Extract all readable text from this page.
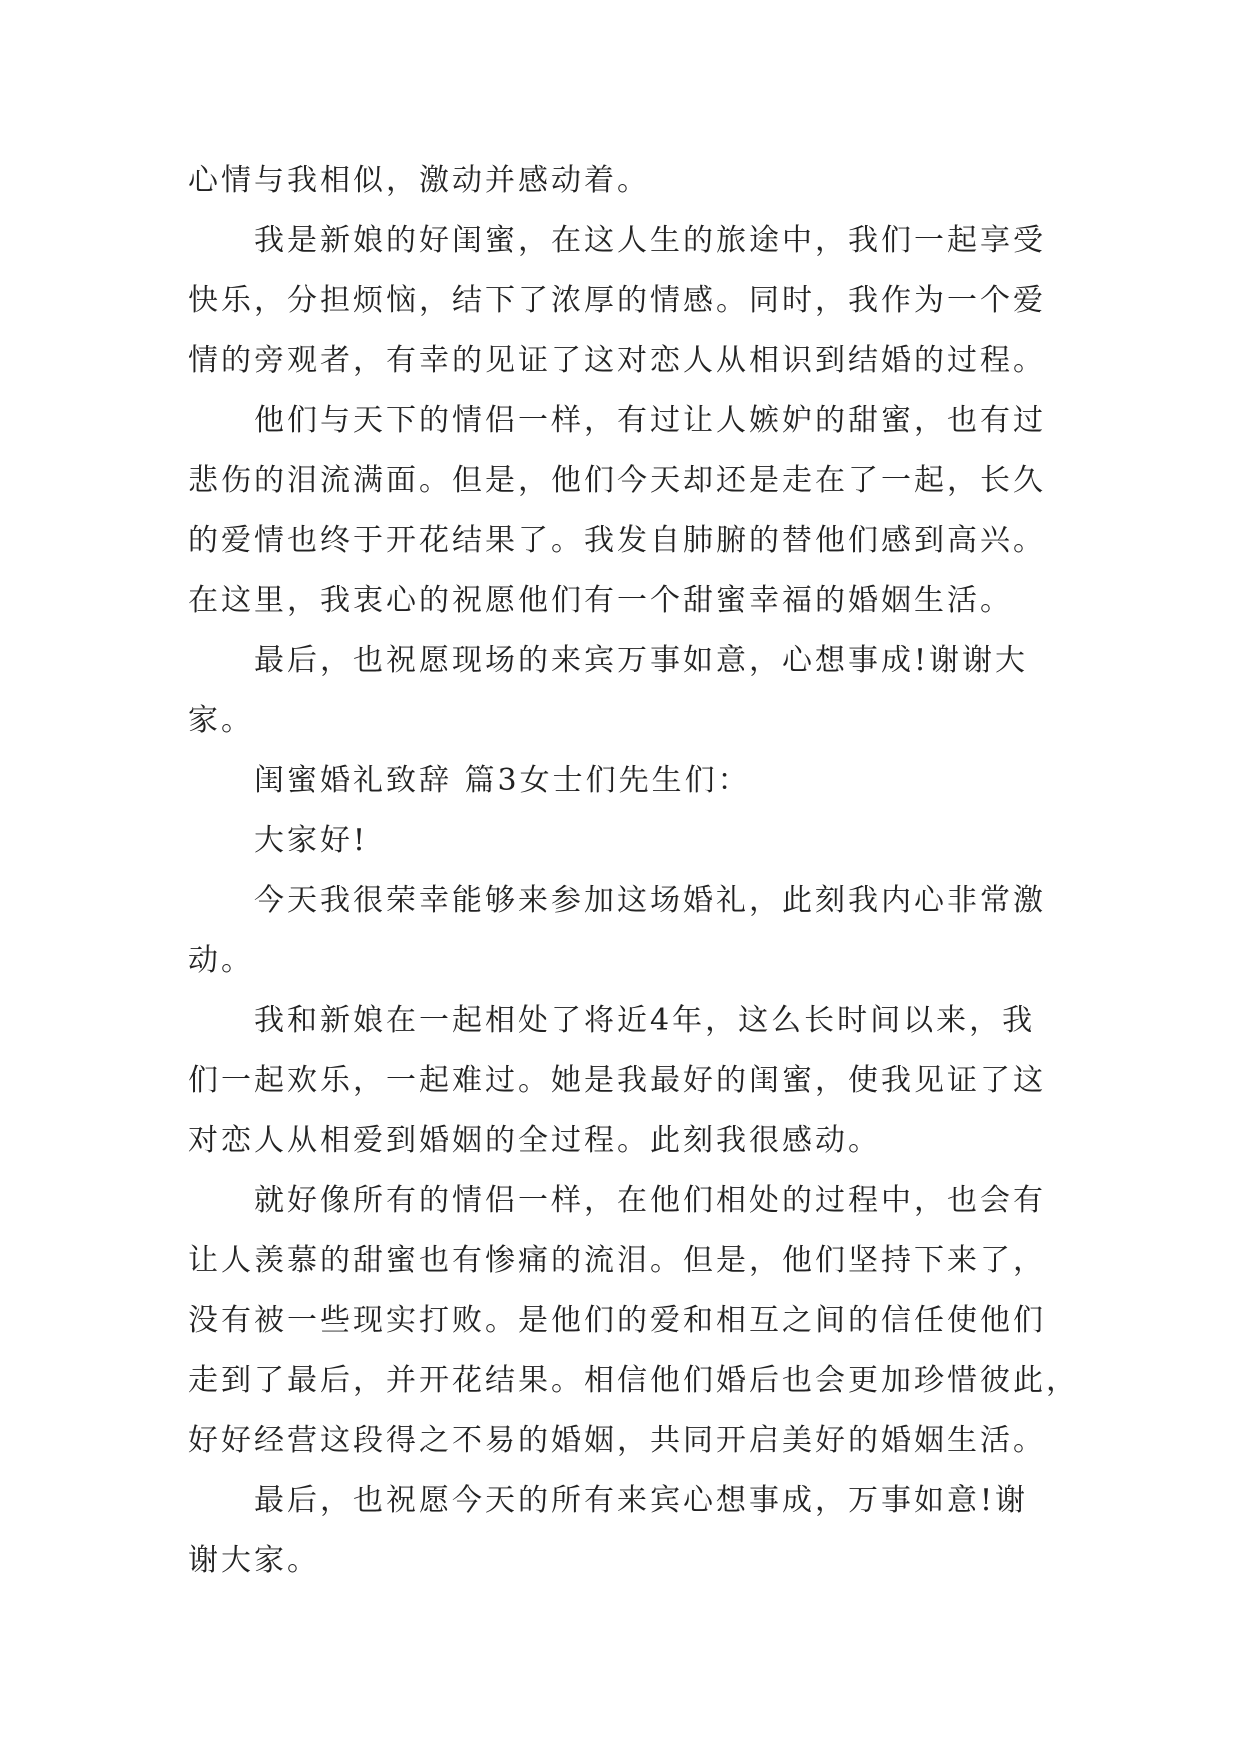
心情与我相似，激动并感动着。
我是新娘的好闺蜜，在这人生的旅途中，我们一起享受
快乐，分担烦恼，结下了浓厚的情感。同时，我作为一个爱
情的旁观者，有幸的见证了这对恋人从相识到结婚的过程。
他们与天下的情侣一样，有过让人嫉妒的甜蜜，也有过
悲伤的泪流满面。但是，他们今天却还是走在了一起，长久
的爱情也终于开花结果了。我发自肺腑的替他们感到高兴。
在这里，我衷心的祝愿他们有一个甜蜜幸福的婚姻生活。
最后，也祝愿现场的来宾万事如意，心想事成!谢谢大
家。
闺蜜婚礼致辞 篇3女士们先生们：
大家好!
今天我很荣幸能够来参加这场婚礼，此刻我内心非常激
动。
我和新娘在一起相处了将近4年，这么长时间以来，我
们一起欢乐，一起难过。她是我最好的闺蜜，使我见证了这
对恋人从相爱到婚姻的全过程。此刻我很感动。
就好像所有的情侣一样，在他们相处的过程中，也会有
让人羡慕的甜蜜也有惨痛的流泪。但是，他们坚持下来了，
没有被一些现实打败。是他们的爱和相互之间的信任使他们
走到了最后，并开花结果。相信他们婚后也会更加珍惜彼此，
好好经营这段得之不易的婚姻，共同开启美好的婚姻生活。
最后，也祝愿今天的所有来宾心想事成，万事如意!谢
谢大家。
